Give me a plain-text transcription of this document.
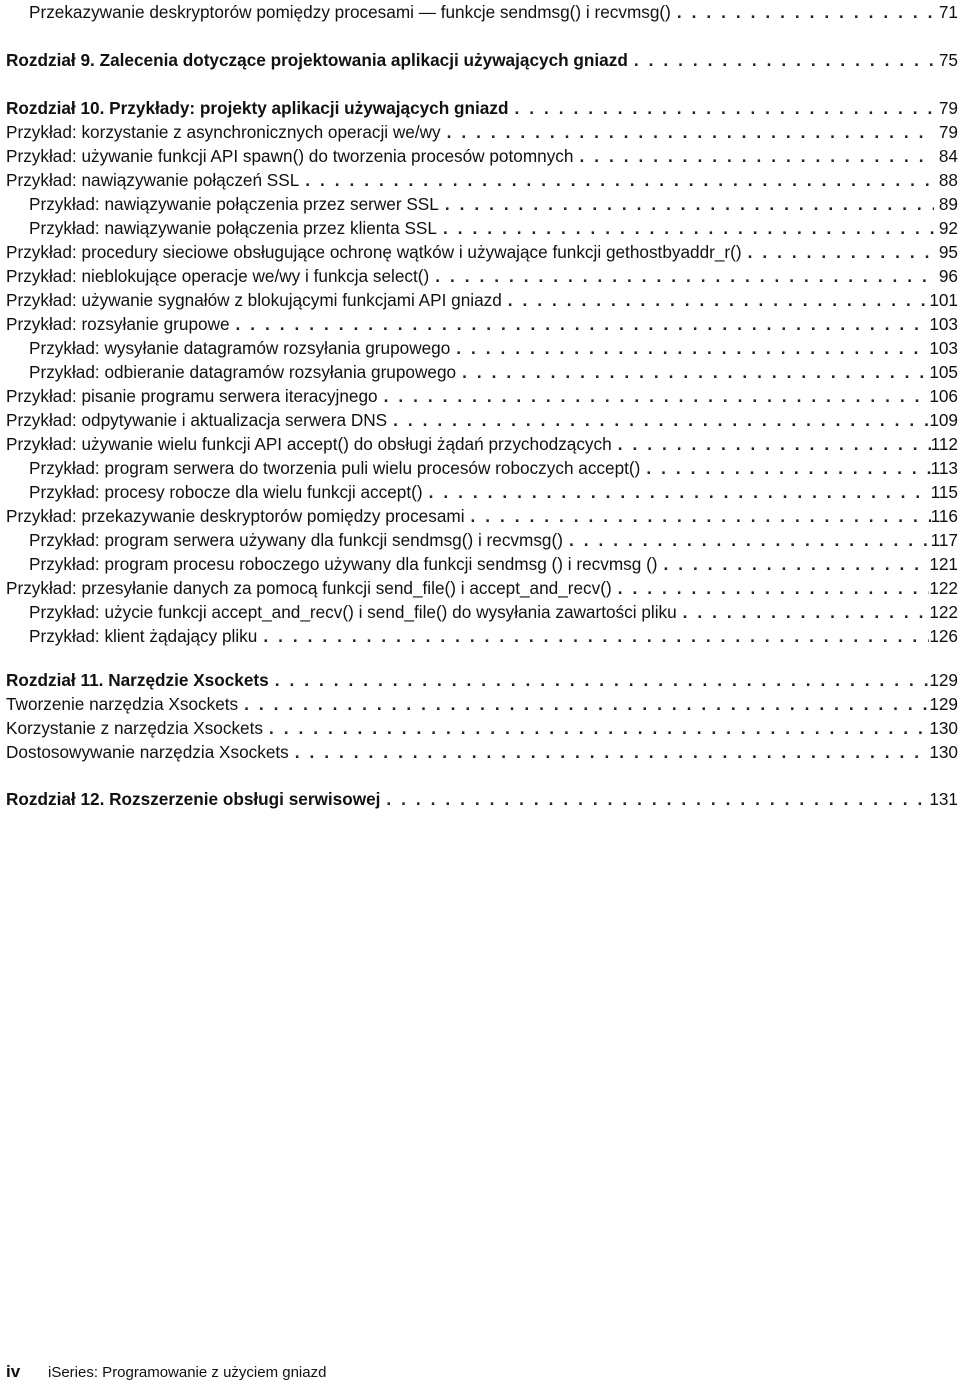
Przekazywanie deskryptorów pomiędzy procesami — funkcje sendmsg() i recvmsg() . . .	71
Rozdział 9. Zalecenia dotyczące projektowania aplikacji używających gniazd . . .	75
Rozdział 10. Przykłady: projekty aplikacji używających gniazd . . .	79
Przykład: korzystanie z asynchronicznych operacji we/wy . . .	79
Przykład: używanie funkcji API spawn() do tworzenia procesów potomnych . . .	84
Przykład: nawiązywanie połączeń SSL . . .	88
Przykład: nawiązywanie połączenia przez serwer SSL . . .	89
Przykład: nawiązywanie połączenia przez klienta SSL . . .	92
Przykład: procedury sieciowe obsługujące ochronę wątków i używające funkcji gethostbyaddr_r() . . .	95
Przykład: nieblokujące operacje we/wy i funkcja select() . . .	96
Przykład: używanie sygnałów z blokującymi funkcjami API gniazd . . .	101
Przykład: rozsyłanie grupowe . . .	103
Przykład: wysyłanie datagramów rozsyłania grupowego . . .	103
Przykład: odbieranie datagramów rozsyłania grupowego . . .	105
Przykład: pisanie programu serwera iteracyjnego . . .	106
Przykład: odpytywanie i aktualizacja serwera DNS . . .	109
Przykład: używanie wielu funkcji API accept() do obsługi żądań przychodzących . . .	112
Przykład: program serwera do tworzenia puli wielu procesów roboczych accept() . . .	113
Przykład: procesy robocze dla wielu funkcji accept() . . .	115
Przykład: przekazywanie deskryptorów pomiędzy procesami . . .	116
Przykład: program serwera używany dla funkcji sendmsg() i recvmsg() . . .	117
Przykład: program procesu roboczego używany dla funkcji sendmsg () i recvmsg () . . .	121
Przykład: przesyłanie danych za pomocą funkcji send_file() i accept_and_recv() . . .	122
Przykład: użycie funkcji accept_and_recv() i send_file() do wysyłania zawartości pliku . . .	122
Przykład: klient żądający pliku . . .	126
Rozdział 11. Narzędzie Xsockets . . .	129
Tworzenie narzędzia Xsockets . . .	129
Korzystanie z narzędzia Xsockets . . .	130
Dostosowywanie narzędzia Xsockets . . .	130
Rozdział 12. Rozszerzenie obsługi serwisowej . . .	131
iv	iSeries: Programowanie z użyciem gniazd
